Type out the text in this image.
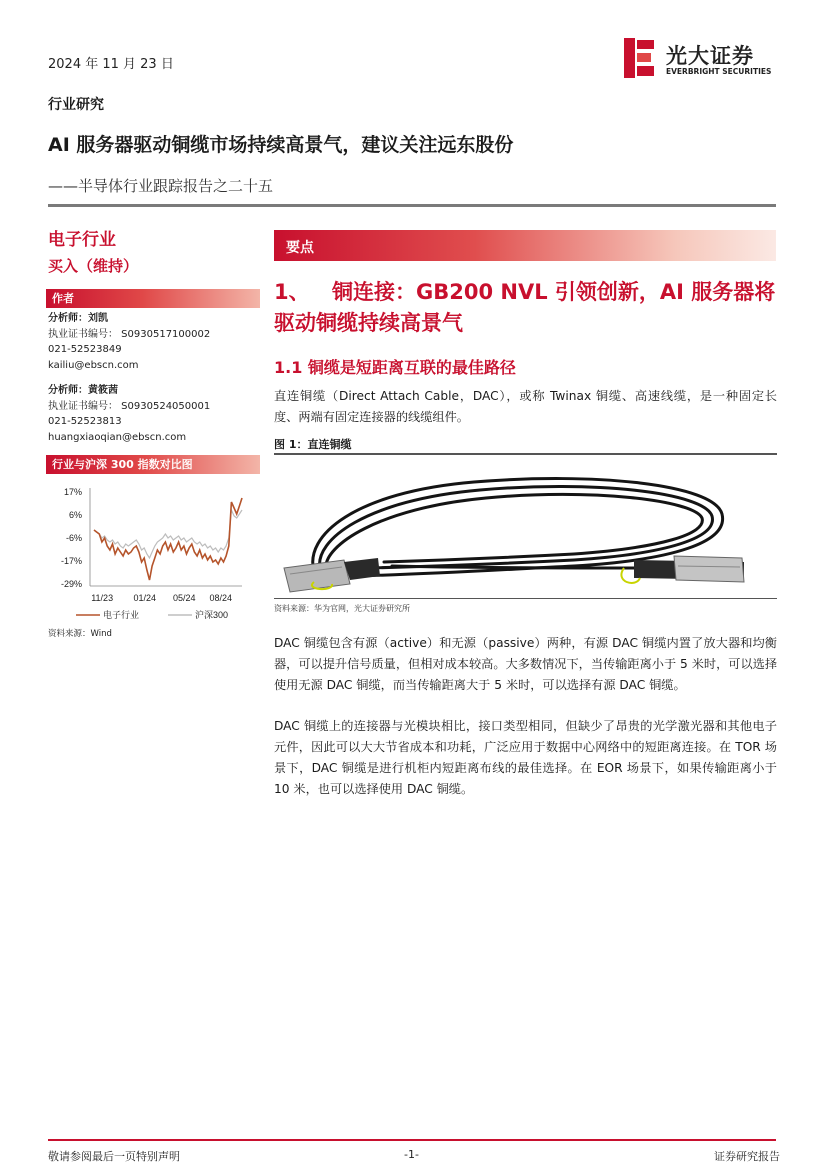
2024 年 11 月 23 日	光大证券
EVERBRIGHT SECURITIES
行业研究
AI 服务器驱动铜缆市场持续高景气，建议关注远东股份
——半导体行业跟踪报告之二十五
电子行业
买入（维持）
作者
分析师：刘凯
执业证书编号： S0930517100002
021-52523849
kailiu@ebscn.com
分析师：黄筱茜
执业证书编号： S0930524050001
021-52523813
huangxiaoqian@ebscn.com
行业与沪深 300 指数对比图
17%
6%
-6%
-17%
-29%
11/23 01/24 05/24 08/24
电子行业	沪深300
资料来源：Wind
要点
1、 铜连接：GB200 NVL 引领创新，AI 服务器将驱动铜缆持续高景气
1.1 铜缆是短距离互联的最佳路径
直连铜缆（Direct Attach Cable，DAC），或称 Twinax 铜缆、高速线缆，是一种固定长度、两端有固定连接器的线缆组件。
图 1：直连铜缆
资料来源：华为官网，光大证券研究所
DAC 铜缆包含有源（active）和无源（passive）两种，有源 DAC 铜缆内置了放大器和均衡器，可以提升信号质量，但相对成本较高。大多数情况下，当传输距离小于 5 米时，可以选择使用无源 DAC 铜缆，而当传输距离大于 5 米时，可以选择有源 DAC 铜缆。
DAC 铜缆上的连接器与光模块相比，接口类型相同，但缺少了昂贵的光学激光器和其他电子元件，因此可以大大节省成本和功耗，广泛应用于数据中心网络中的短距离连接。在 TOR 场景下，DAC 铜缆是进行机柜内短距离布线的最佳选择。在 EOR 场景下，如果传输距离小于 10 米，也可以选择使用 DAC 铜缆。
敬请参阅最后一页特别声明	-1-	证券研究报告
